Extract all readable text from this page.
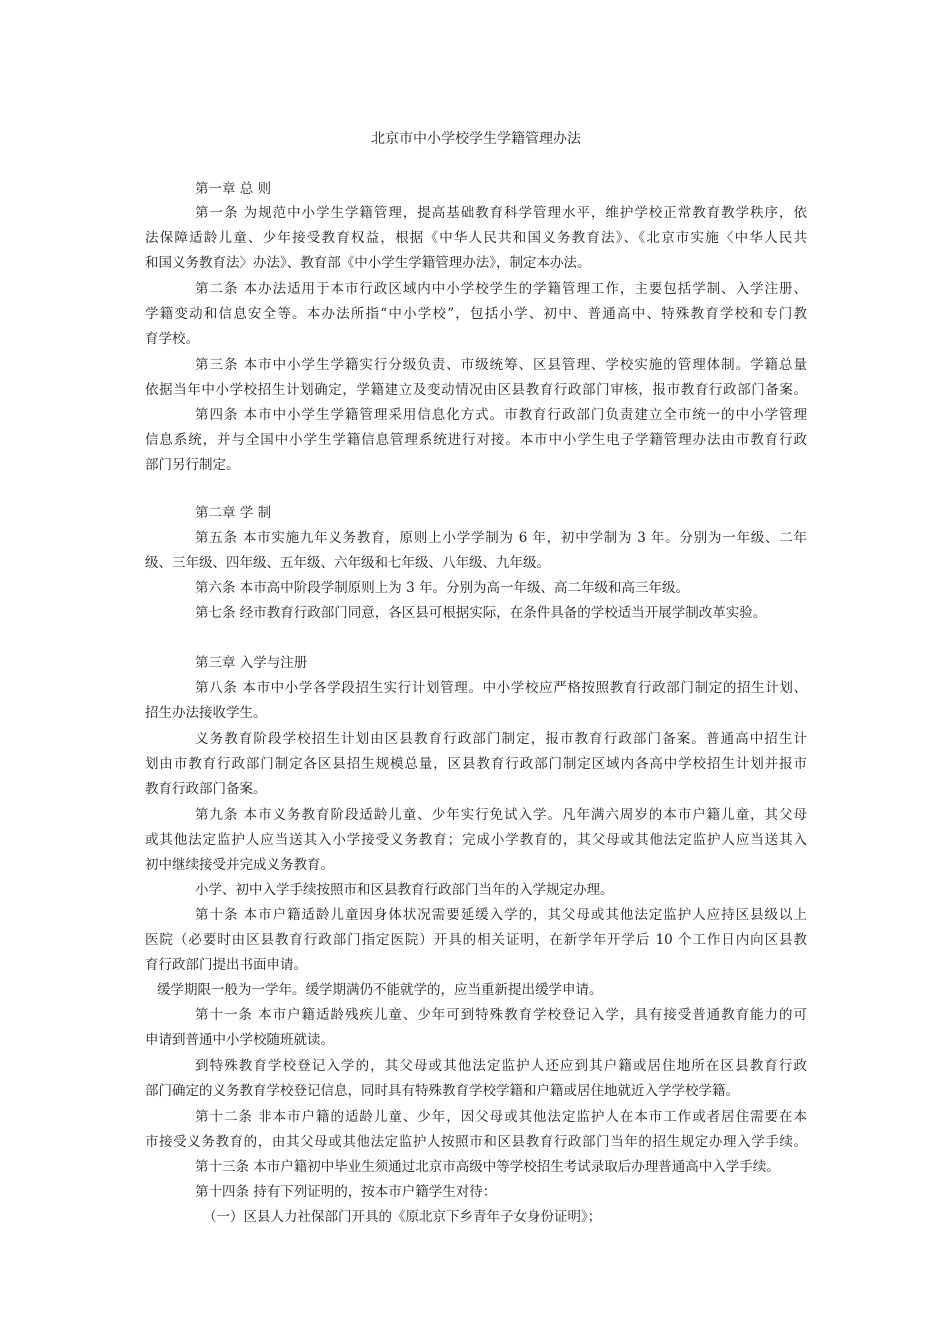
北京市中小学校学生学籍管理办法
第一章 总 则
第一条 为规范中小学生学籍管理，提高基础教育科学管理水平，维护学校正常教育教学秩序，依
法保障适龄儿童、少年接受教育权益，根据《中华人民共和国义务教育法》、《北京市实施〈中华人民共
和国义务教育法〉办法》、教育部《中小学生学籍管理办法》，制定本办法。
第二条 本办法适用于本市行政区域内中小学校学生的学籍管理工作，主要包括学制、入学注册、
学籍变动和信息安全等。本办法所指“中小学校”，包括小学、初中、普通高中、特殊教育学校和专门教
育学校。
第三条 本市中小学生学籍实行分级负责、市级统筹、区县管理、学校实施的管理体制。学籍总量
依据当年中小学校招生计划确定，学籍建立及变动情况由区县教育行政部门审核，报市教育行政部门备案。
第四条 本市中小学生学籍管理采用信息化方式。市教育行政部门负责建立全市统一的中小学管理
信息系统，并与全国中小学生学籍信息管理系统进行对接。本市中小学生电子学籍管理办法由市教育行政
部门另行制定。
第二章 学 制
第五条 本市实施九年义务教育，原则上小学学制为 6 年，初中学制为 3 年。分别为一年级、二年
级、三年级、四年级、五年级、六年级和七年级、八年级、九年级。
第六条 本市高中阶段学制原则上为 3 年。分别为高一年级、高二年级和高三年级。
第七条 经市教育行政部门同意，各区县可根据实际，在条件具备的学校适当开展学制改革实验。
第三章 入学与注册
第八条 本市中小学各学段招生实行计划管理。中小学校应严格按照教育行政部门制定的招生计划、
招生办法接收学生。
义务教育阶段学校招生计划由区县教育行政部门制定，报市教育行政部门备案。普通高中招生计
划由市教育行政部门制定各区县招生规模总量，区县教育行政部门制定区域内各高中学校招生计划并报市
教育行政部门备案。
第九条 本市义务教育阶段适龄儿童、少年实行免试入学。凡年满六周岁的本市户籍儿童，其父母
或其他法定监护人应当送其入小学接受义务教育；完成小学教育的，其父母或其他法定监护人应当送其入
初中继续接受并完成义务教育。
小学、初中入学手续按照市和区县教育行政部门当年的入学规定办理。
第十条 本市户籍适龄儿童因身体状况需要延缓入学的，其父母或其他法定监护人应持区县级以上
医院（必要时由区县教育行政部门指定医院）开具的相关证明，在新学年开学后 10 个工作日内向区县教
育行政部门提出书面申请。
缓学期限一般为一学年。缓学期满仍不能就学的，应当重新提出缓学申请。
第十一条 本市户籍适龄残疾儿童、少年可到特殊教育学校登记入学，具有接受普通教育能力的可
申请到普通中小学校随班就读。
到特殊教育学校登记入学的，其父母或其他法定监护人还应到其户籍或居住地所在区县教育行政
部门确定的义务教育学校登记信息，同时具有特殊教育学校学籍和户籍或居住地就近入学学校学籍。
第十二条 非本市户籍的适龄儿童、少年，因父母或其他法定监护人在本市工作或者居住需要在本
市接受义务教育的，由其父母或其他法定监护人按照市和区县教育行政部门当年的招生规定办理入学手续。
第十三条 本市户籍初中毕业生须通过北京市高级中等学校招生考试录取后办理普通高中入学手续。
第十四条 持有下列证明的，按本市户籍学生对待：
（一）区县人力社保部门开具的《原北京下乡青年子女身份证明》；
